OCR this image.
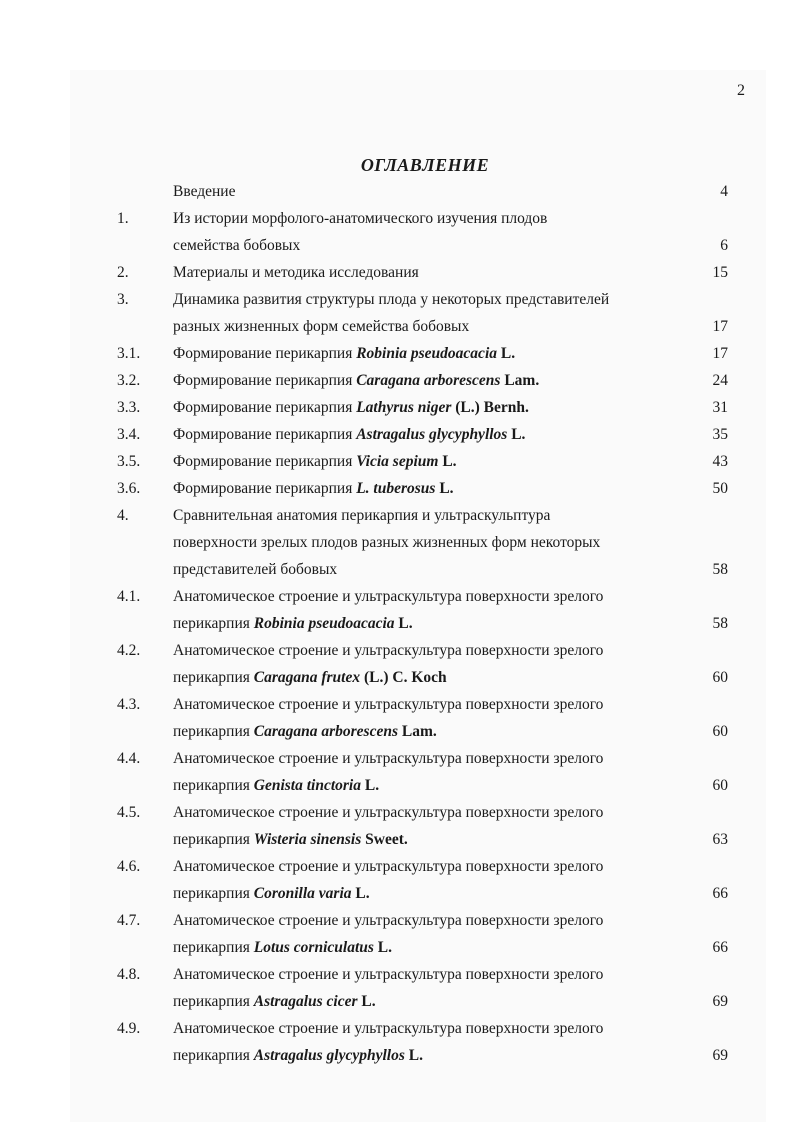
2
ОГЛАВЛЕНИЕ
Введение	4
1.	Из истории морфолого-анатомического изучения плодов
семейства бобовых	6
2.	Материалы и методика исследования	15
3.	Динамика развития структуры плода у некоторых представителей
разных жизненных форм семейства бобовых	17
3.1.	Формирование перикарпия Robinia pseudoacacia L.	17
3.2.	Формирование перикарпия Caragana arborescens Lam.	24
3.3.	Формирование перикарпия Lathyrus niger (L.) Bernh.	31
3.4.	Формирование перикарпия Astragalus glycyphyllos L.	35
3.5.	Формирование перикарпия Vicia sepium L.	43
3.6.	Формирование перикарпия L. tuberosus L.	50
4.	Сравнительная анатомия перикарпия и ультраскульптура
поверхности зрелых плодов разных жизненных форм некоторых
представителей бобовых	58
4.1.	Анатомическое строение и ультраскультура поверхности зрелого
перикарпия Robinia pseudoacacia L.	58
4.2.	Анатомическое строение и ультраскультура поверхности зрелого
перикарпия Caragana frutex (L.) C. Koch	60
4.3.	Анатомическое строение и ультраскультура поверхности зрелого
перикарпия Caragana arborescens Lam.	60
4.4.	Анатомическое строение и ультраскультура поверхности зрелого
перикарпия Genista tinctoria L.	60
4.5.	Анатомическое строение и ультраскультура поверхности зрелого
перикарпия Wisteria sinensis Sweet.	63
4.6.	Анатомическое строение и ультраскультура поверхности зрелого
перикарпия Coronilla varia L.	66
4.7.	Анатомическое строение и ультраскультура поверхности зрелого
перикарпия Lotus corniculatus L.	66
4.8.	Анатомическое строение и ультраскультура поверхности зрелого
перикарпия Astragalus cicer L.	69
4.9.	Анатомическое строение и ультраскультура поверхности зрелого
перикарпия Astragalus glycyphyllos L.	69
